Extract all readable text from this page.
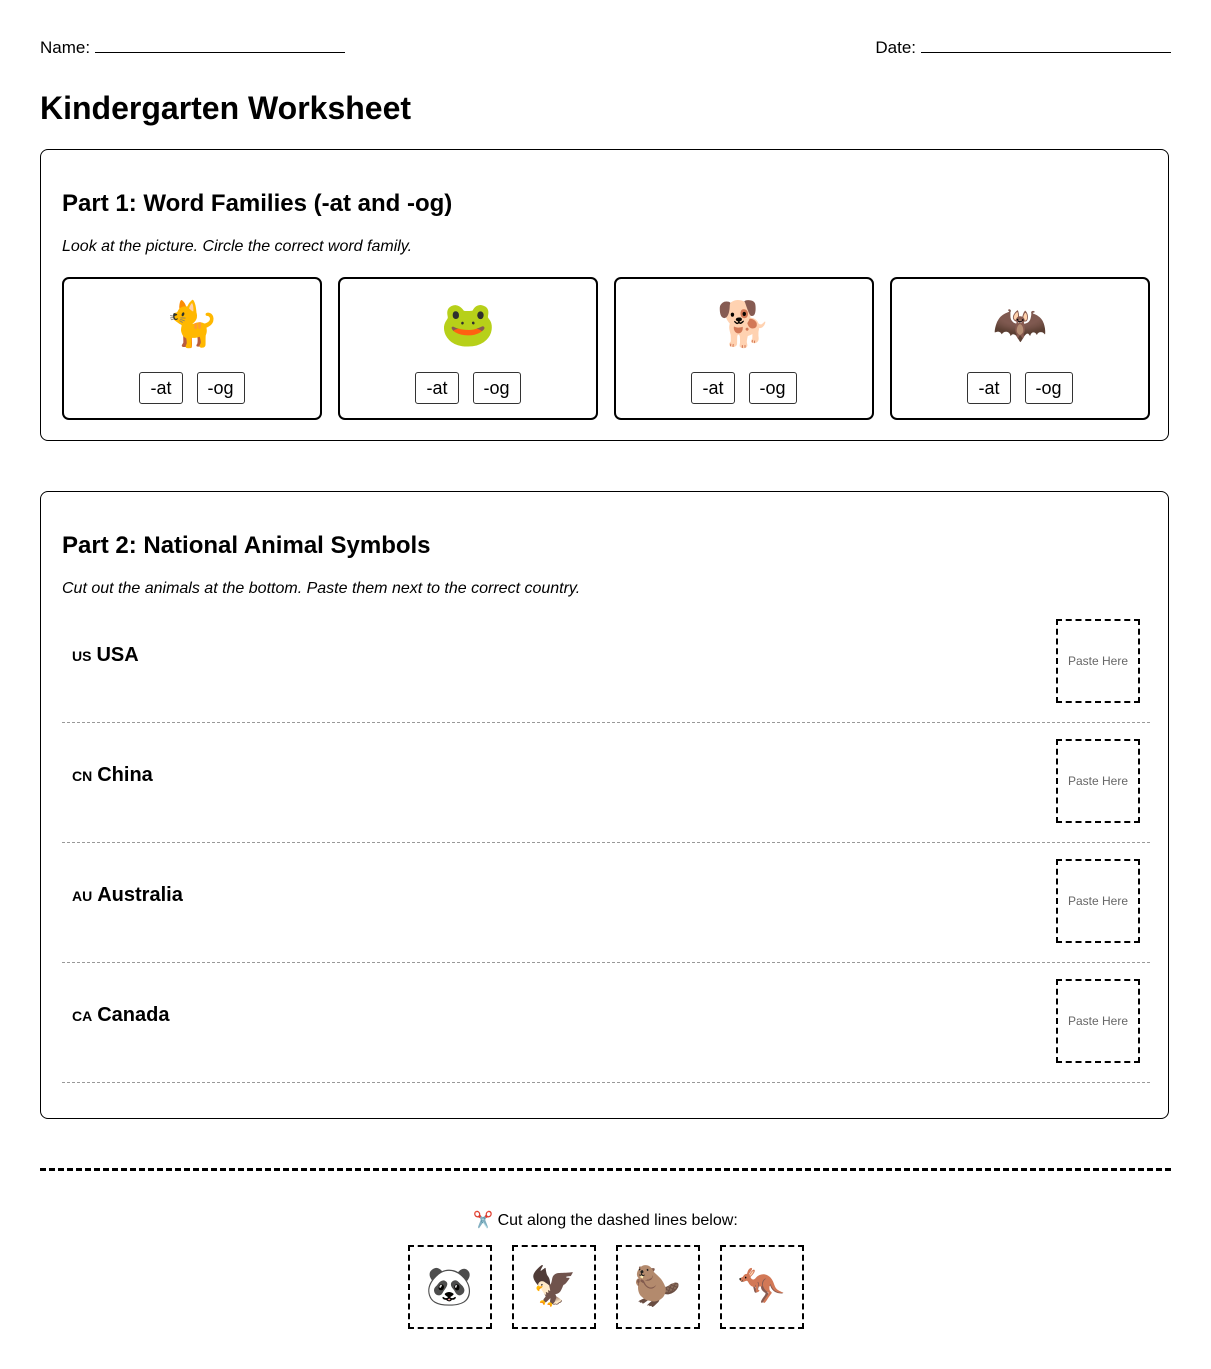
Name:	Date:
Kindergarten Worksheet
Part 1: Word Families (-at and -og)
Look at the picture. Circle the correct word family.
🐈
-at	-og
🐸
-at	-og
🐕
-at	-og
🦇
-at	-og
Part 2: National Animal Symbols
Cut out the animals at the bottom. Paste them next to the correct country.
US USA	Paste Here
CN China	Paste Here
AU Australia	Paste Here
CA Canada	Paste Here
✂️ Cut along the dashed lines below:
🐼	🦅	🦫	🦘
